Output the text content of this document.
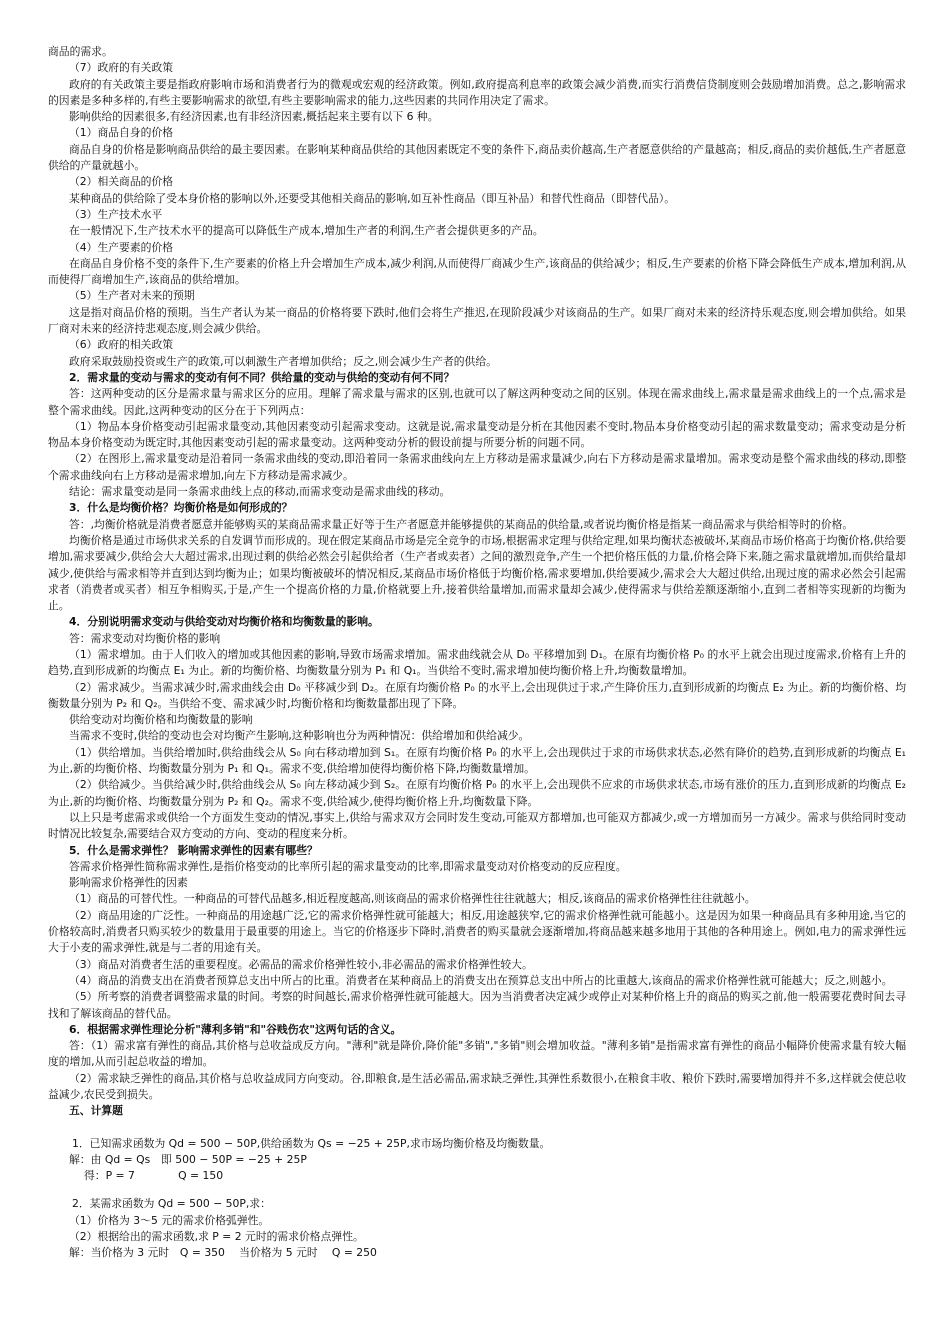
商品的需求。

（7）政府的有关政策

政府的有关政策主要是指政府影响市场和消费者行为的微观或宏观的经济政策。例如,政府提高利息率的政策会减少消费,而实行消费信贷制度则会鼓励增加消费。总之,影响需求的因素是多种多样的,有些主要影响需求的欲望,有些主要影响需求的能力,这些因素的共同作用决定了需求。

影响供给的因素很多,有经济因素,也有非经济因素,概括起来主要有以下 6 种。

（1）商品自身的价格

商品自身的价格是影响商品供给的最主要因素。在影响某种商品供给的其他因素既定不变的条件下,商品卖价越高,生产者愿意供给的产量越高；相反,商品的卖价越低,生产者愿意供给的产量就越小。

（2）相关商品的价格

某种商品的供给除了受本身价格的影响以外,还要受其他相关商品的影响,如互补性商品（即互补品）和替代性商品（即替代品）。

（3）生产技术水平

在一般情况下,生产技术水平的提高可以降低生产成本,增加生产者的利润,生产者会提供更多的产品。

（4）生产要素的价格

在商品自身价格不变的条件下,生产要素的价格上升会增加生产成本,减少利润,从而使得厂商减少生产,该商品的供给减少；相反,生产要素的价格下降会降低生产成本,增加利润,从而使得厂商增加生产,该商品的供给增加。

（5）生产者对未来的预期

这是指对商品价格的预期。当生产者认为某一商品的价格将要下跌时,他们会将生产推迟,在现阶段减少对该商品的生产。如果厂商对未来的经济持乐观态度,则会增加供给。如果厂商对未来的经济持悲观态度,则会减少供给。

（6）政府的相关政策

政府采取鼓励投资或生产的政策,可以刺激生产者增加供给；反之,则会减少生产者的供给。

2．需求量的变动与需求的变动有何不同？供给量的变动与供给的变动有何不同？

答：这两种变动的区分是需求量与需求区分的应用。理解了需求量与需求的区别,也就可以了解这两种变动之间的区别。体现在需求曲线上,需求量是需求曲线上的一个点,需求是整个需求曲线。因此,这两种变动的区分在于下列两点：

（1）物品本身价格变动引起需求量变动,其他因素变动引起需求变动。这就是说,需求量变动是分析在其他因素不变时,物品本身价格变动引起的需求数量变动；需求变动是分析物品本身价格变动为既定时,其他因素变动引起的需求量变动。这两种变动分析的假设前提与所要分析的问题不同。

（2）在图形上,需求量变动是沿着同一条需求曲线的变动,即沿着同一条需求曲线向左上方移动是需求量减少,向右下方移动是需求量增加。需求变动是整个需求曲线的移动,即整个需求曲线向右上方移动是需求增加,向左下方移动是需求减少。

结论：需求量变动是同一条需求曲线上点的移动,而需求变动是需求曲线的移动。

3．什么是均衡价格？均衡价格是如何形成的？

答：,均衡价格就是消费者愿意并能够购买的某商品需求量正好等于生产者愿意并能够提供的某商品的供给量,或者说均衡价格是指某一商品需求与供给相等时的价格。

均衡价格是通过市场供求关系的自发调节而形成的。现在假定某商品市场是完全竞争的市场,根据需求定理与供给定理,如果均衡状态被破坏,某商品市场价格高于均衡价格,供给要增加,需求要减少,供给会大大超过需求,出现过剩的供给必然会引起供给者（生产者或卖者）之间的激烈竞争,产生一个把价格压低的力量,价格会降下来,随之需求量就增加,而供给量却减少,使供给与需求相等并直到达到均衡为止；如果均衡被破坏的情况相反,某商品市场价格低于均衡价格,需求要增加,供给要减少,需求会大大超过供给,出现过度的需求必然会引起需求者（消费者或买者）相互争相购买,于是,产生一个提高价格的力量,价格就要上升,接着供给量增加,而需求量却会减少,使得需求与供给差额逐渐缩小,直到二者相等实现新的均衡为止。

4．分别说明需求变动与供给变动对均衡价格和均衡数量的影响。

答：需求变动对均衡价格的影响

（1）需求增加。由于人们收入的增加或其他因素的影响,导致市场需求增加。需求曲线就会从 D₀ 平移增加到 D₁。在原有均衡价格 P₀ 的水平上就会出现过度需求,价格有上升的趋势,直到形成新的均衡点 E₁ 为止。新的均衡价格、均衡数量分别为 P₁ 和 Q₁。当供给不变时,需求增加使均衡价格上升,均衡数量增加。

（2）需求减少。当需求减少时,需求曲线会由 D₀ 平移减少到 D₂。在原有均衡价格 P₀ 的水平上,会出现供过于求,产生降价压力,直到形成新的均衡点 E₂ 为止。新的均衡价格、均衡数量分别为 P₂ 和 Q₂。当供给不变、需求减少时,均衡价格和均衡数量都出现了下降。

供给变动对均衡价格和均衡数量的影响

当需求不变时,供给的变动也会对均衡产生影响,这种影响也分为两种情况：供给增加和供给减少。

（1）供给增加。当供给增加时,供给曲线会从 S₀ 向右移动增加到 S₁。在原有均衡价格 P₀ 的水平上,会出现供过于求的市场供求状态,必然有降价的趋势,直到形成新的均衡点 E₁ 为止,新的均衡价格、均衡数量分别为 P₁ 和 Q₁。需求不变,供给增加使得均衡价格下降,均衡数量增加。

（2）供给减少。当供给减少时,供给曲线会从 S₀ 向左移动减少到 S₂。在原有均衡价格 P₀ 的水平上,会出现供不应求的市场供求状态,市场有涨价的压力,直到形成新的均衡点 E₂ 为止,新的均衡价格、均衡数量分别为 P₂ 和 Q₂。需求不变,供给减少,使得均衡价格上升,均衡数量下降。

以上只是考虑需求或供给一个方面发生变动的情况,事实上,供给与需求双方会同时发生变动,可能双方都增加,也可能双方都减少,或一方增加而另一方减少。需求与供给同时变动时情况比较复杂,需要结合双方变动的方向、变动的程度来分析。

5．什么是需求弹性？ 影响需求弹性的因素有哪些？

答需求价格弹性简称需求弹性,是指价格变动的比率所引起的需求量变动的比率,即需求量变动对价格变动的反应程度。

影响需求价格弹性的因素

（1）商品的可替代性。一种商品的可替代品越多,相近程度越高,则该商品的需求价格弹性往往就越大；相反,该商品的需求价格弹性往往就越小。

（2）商品用途的广泛性。一种商品的用途越广泛,它的需求价格弹性就可能越大；相反,用途越狭窄,它的需求价格弹性就可能越小。这是因为如果一种商品具有多种用途,当它的价格较高时,消费者只购买较少的数量用于最重要的用途上。当它的价格逐步下降时,消费者的购买量就会逐渐增加,将商品越来越多地用于其他的各种用途上。例如,电力的需求弹性远大于小麦的需求弹性,就是与二者的用途有关。

（3）商品对消费者生活的重要程度。必需品的需求价格弹性较小,非必需品的需求价格弹性较大。

（4）商品的消费支出在消费者预算总支出中所占的比重。消费者在某种商品上的消费支出在预算总支出中所占的比重越大,该商品的需求价格弹性就可能越大；反之,则越小。

（5）所考察的消费者调整需求量的时间。考察的时间越长,需求价格弹性就可能越大。因为当消费者决定减少或停止对某种价格上升的商品的购买之前,他一般需要花费时间去寻找和了解该商品的替代品。

6．根据需求弹性理论分析"薄利多销"和"谷贱伤农"这两句话的含义。

答：（1）需求富有弹性的商品,其价格与总收益成反方向。"薄利"就是降价,降价能"多销","多销"则会增加收益。"薄利多销"是指需求富有弹性的商品小幅降价使需求量有较大幅度的增加,从而引起总收益的增加。

（2）需求缺乏弹性的商品,其价格与总收益成同方向变动。谷,即粮食,是生活必需品,需求缺乏弹性,其弹性系数很小,在粮食丰收、粮价下跌时,需要增加得并不多,这样就会使总收益减少,农民受到损失。

五、计算题

1．已知需求函数为 Qd = 500 − 50P,供给函数为 Qs = −25 + 25P,求市场均衡价格及均衡数量。

解：由 Qd = Qs　即 500 − 50P = −25 + 25P

得：P = 7　　　　Q = 150

2．某需求函数为 Qd = 500 − 50P,求：

（1）价格为 3～5 元的需求价格弧弹性。

（2）根据给出的需求函数,求 P = 2 元时的需求价格点弹性。

解：当价格为 3 元时　Q = 350　 当价格为 5 元时　 Q = 250
